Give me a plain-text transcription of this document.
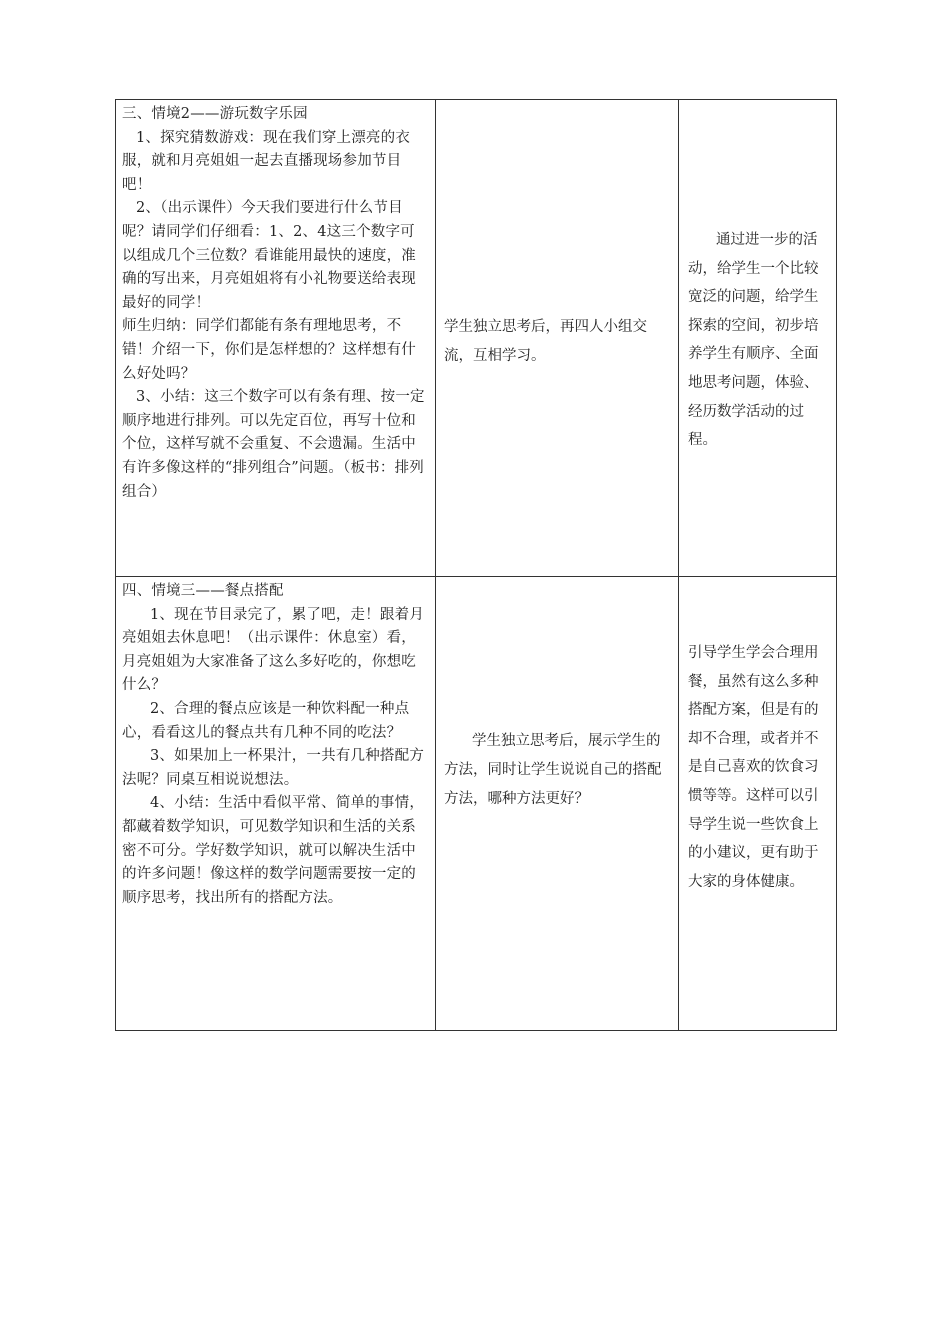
三、情境2——游玩数字乐园

1、探究猜数游戏：现在我们穿上漂亮的衣服，就和月亮姐姐一起去直播现场参加节目吧！

2、（出示课件）今天我们要进行什么节目呢？请同学们仔细看：1、2、4这三个数字可以组成几个三位数？看谁能用最快的速度，准确的写出来，月亮姐姐将有小礼物要送给表现最好的同学！

师生归纳：同学们都能有条有理地思考，不错！介绍一下，你们是怎样想的？这样想有什么好处吗？

3、小结：这三个数字可以有条有理、按一定顺序地进行排列。可以先定百位，再写十位和个位，这样写就不会重复、不会遗漏。生活中有许多像这样的“排列组合”问题。（板书：排列组合）	学生独立思考后，再四人小组交流，互相学习。	通过进一步的活动，给学生一个比较宽泛的问题，给学生探索的空间，初步培养学生有顺序、全面地思考问题，体验、经历数学活动的过程。

四、情境三——餐点搭配

1、现在节目录完了，累了吧，走！跟着月亮姐姐去休息吧！（出示课件：休息室）看，月亮姐姐为大家准备了这么多好吃的，你想吃什么？

2、合理的餐点应该是一种饮料配一种点心，看看这儿的餐点共有几种不同的吃法？

3、如果加上一杯果汁，一共有几种搭配方法呢？同桌互相说说想法。

4、小结：生活中看似平常、简单的事情，都藏着数学知识，可见数学知识和生活的关系密不可分。学好数学知识，就可以解决生活中的许多问题！像这样的数学问题需要按一定的顺序思考，找出所有的搭配方法。	学生独立思考后，展示学生的方法，同时让学生说说自己的搭配方法，哪种方法更好？	引导学生学会合理用餐，虽然有这么多种搭配方案，但是有的却不合理，或者并不是自己喜欢的饮食习惯等等。这样可以引导学生说一些饮食上的小建议，更有助于大家的身体健康。
